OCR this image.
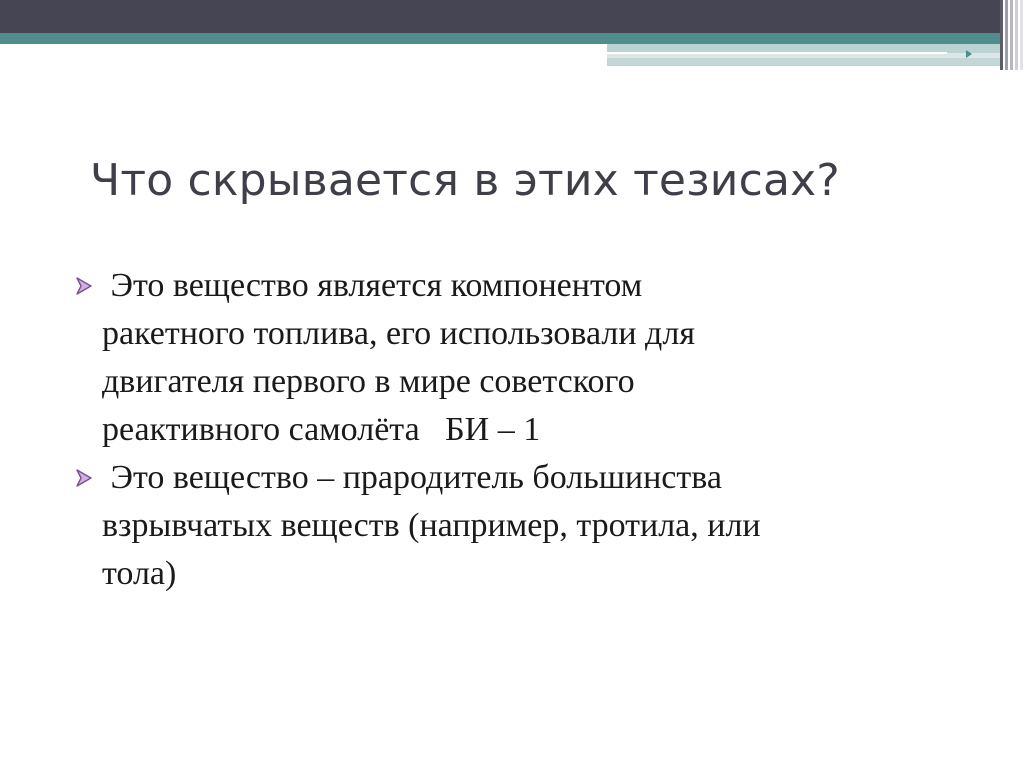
Что скрывается в этих тезисах?
Это вещество является компонентом
ракетного топлива, его использовали для
двигателя первого в мире советского
реактивного самолёта   БИ – 1
Это вещество – прародитель большинства
взрывчатых веществ (например, тротила, или
тола)
